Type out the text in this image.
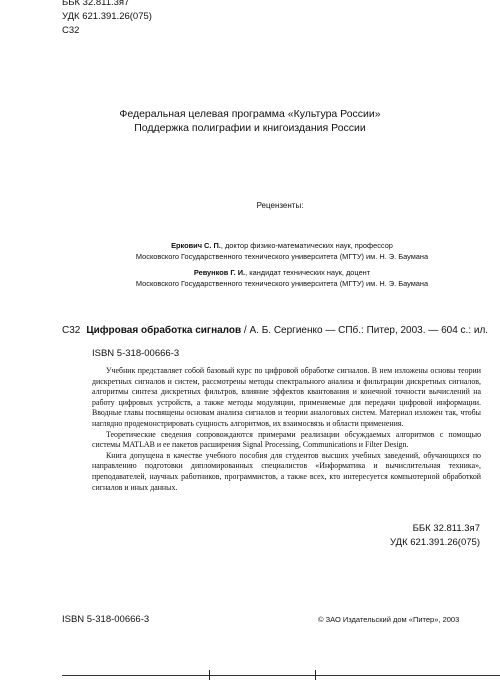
ББК 32.811.3я7
УДК 621.391.26(075)
С32
Федеральная целевая программа «Культура России»
Поддержка полиграфии и книгоиздания России
Рецензенты:
Еркович С. П., доктор физико-математических наук, профессор
Московского Государственного технического университета (МГТУ) им. Н. Э. Баумана
Ревунков Г. И., кандидат технических наук, доцент
Московского Государственного технического университета (МГТУ) им. Н. Э. Баумана
С32 Цифровая обработка сигналов / А. Б. Сергиенко — СПб.: Питер, 2003. — 604 с.: ил.
ISBN 5-318-00666-3

Учебник представляет собой базовый курс по цифровой обработке сигналов. В нем изложены основы теории дискретных сигналов и систем, рассмотрены методы спектрального анализа и фильтрации дискретных сигналов, алгоритмы синтеза дискретных фильтров, влияние эффектов квантования и конечной точности вычислений на работу цифровых устройств, а также методы модуляции, применяемые для передачи цифровой информации. Вводные главы посвящены основам анализа сигналов и теории аналоговых систем. Материал изложен так, чтобы наглядно продемонстрировать сущность алгоритмов, их взаимосвязь и области применения.

Теоретические сведения сопровождаются примерами реализации обсуждаемых алгоритмов с помощью системы MATLAB и ее пакетов расширения Signal Processing, Communications и Filter Design.

Книга допущена в качестве учебного пособия для студентов высших учебных заведений, обучающихся по направлению подготовки дипломированных специалистов «Информатика и вычислительная техника», преподавателей, научных работников, программистов, а также всех, кто интересуется компьютерной обработкой сигналов и иных данных.

ББК 32.811.3я7
УДК 621.391.26(075)
ISBN 5-318-00666-3	© ЗАО Издательский дом «Питер», 2003
